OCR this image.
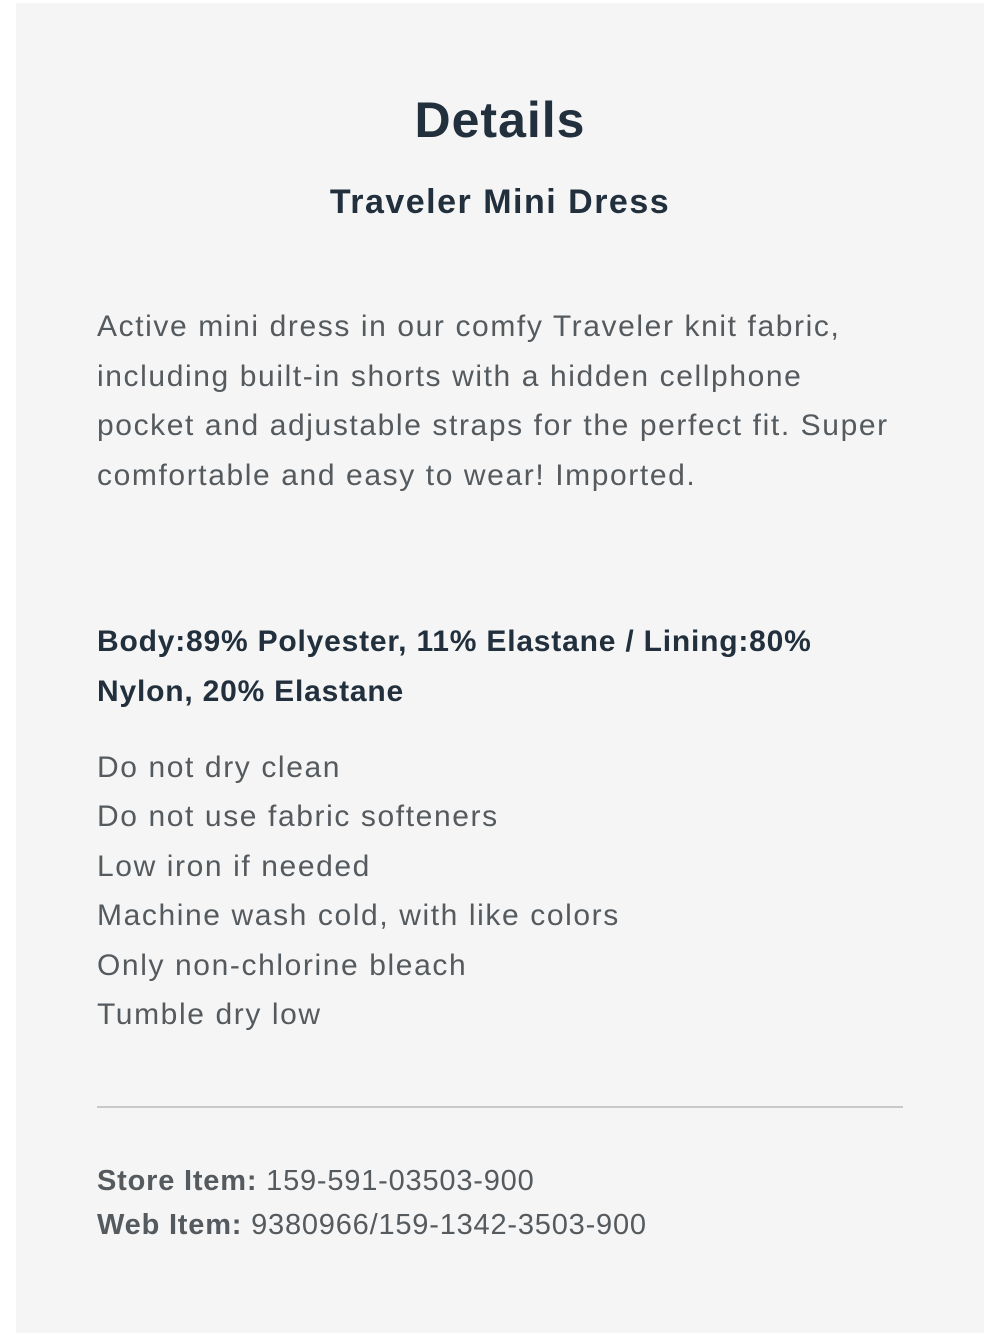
Details
Traveler Mini Dress

Active mini dress in our comfy Traveler knit fabric, including built-in shorts with a hidden cellphone pocket and adjustable straps for the perfect fit. Super comfortable and easy to wear! Imported.

Body:89% Polyester, 11% Elastane / Lining:80% Nylon, 20% Elastane

Do not dry clean
Do not use fabric softeners
Low iron if needed
Machine wash cold, with like colors
Only non-chlorine bleach
Tumble dry low

Store Item: 159-591-03503-900

Web Item: 9380966/159-1342-3503-900
